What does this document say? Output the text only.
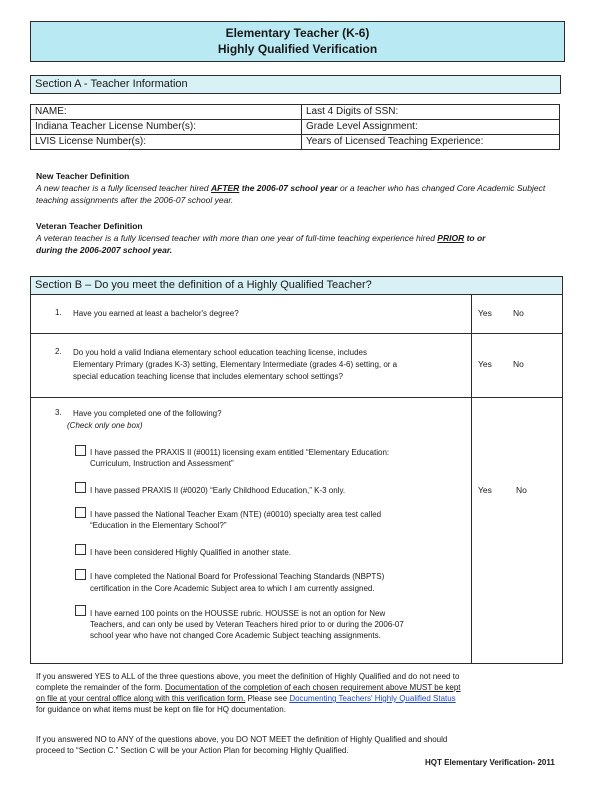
Elementary Teacher (K-6)
Highly Qualified Verification
Section A - Teacher Information
NAME:	Last 4 Digits of SSN:
Indiana Teacher License Number(s):	Grade Level Assignment:
LVIS License Number(s):	Years of Licensed Teaching Experience:
New Teacher Definition
A new teacher is a fully licensed teacher hired AFTER the 2006-07 school year or a teacher who has changed Core Academic Subject teaching assignments after the 2006-07 school year.
Veteran Teacher Definition
A veteran teacher is a fully licensed teacher with more than one year of full-time teaching experience hired PRIOR to or
during the 2006-2007 school year.
Section B – Do you meet the definition of a Highly Qualified Teacher?
1. Have you earned at least a bachelor's degree?	Yes No
2. Do you hold a valid Indiana elementary school education teaching license, includes
Elementary Primary (grades K-3) setting, Elementary Intermediate (grades 4-6) setting, or a
special education teaching license that includes elementary school settings?
Yes No
3. Have you completed one of the following?
(Check only one box)
I have passed the PRAXIS II (#0011) licensing exam entitled “Elementary Education:
Curriculum, Instruction and Assessment”
I have passed PRAXIS II (#0020) “Early Childhood Education,” K-3 only.
I have passed the National Teacher Exam (NTE) (#0010) specialty area test called
“Education in the Elementary School?”
I have been considered Highly Qualified in another state.
I have completed the National Board for Professional Teaching Standards (NBPTS)
certification in the Core Academic Subject area to which I am currently assigned.
I have earned 100 points on the HOUSSE rubric. HOUSSE is not an option for New
Teachers, and can only be used by Veteran Teachers hired prior to or during the 2006-07
school year who have not changed Core Academic Subject teaching assignments.
Yes	No
If you answered YES to ALL of the three questions above, you meet the definition of Highly Qualified and do not need to
complete the remainder of the form. Documentation of the completion of each chosen requirement above MUST be kept
on file at your central office along with this verification form. Please see Documenting Teachers' Highly Qualified Status
for guidance on what items must be kept on file for HQ documentation.
If you answered NO to ANY of the questions above, you DO NOT MEET the definition of Highly Qualified and should
proceed to “Section C.” Section C will be your Action Plan for becoming Highly Qualified.
HQT Elementary Verification- 2011
